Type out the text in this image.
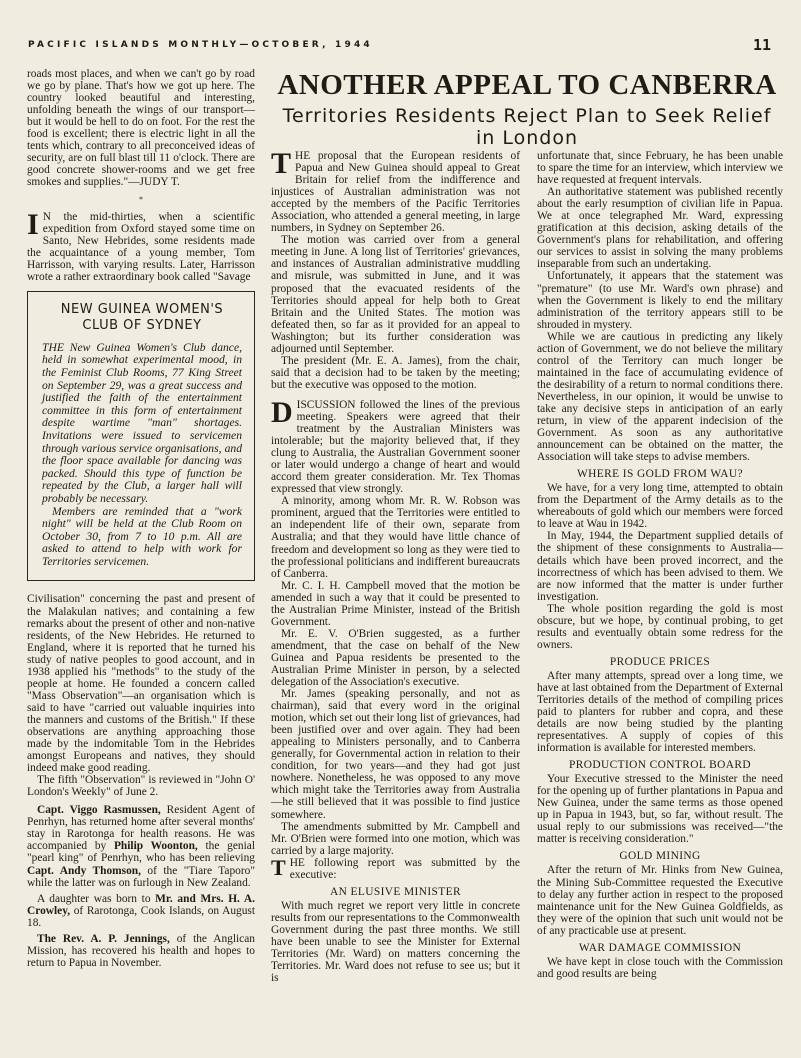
PACIFIC ISLANDS MONTHLY—OCTOBER, 1944	11

roads most places, and when we can't go by road we go by plane. That's how we got up here. The country looked beautiful and interesting, unfolding beneath the wings of our transport—but it would be hell to do on foot. For the rest the food is excellent; there is electric light in all the tents which, contrary to all preconceived ideas of security, are on full blast till 11 o'clock. There are good concrete shower-rooms and we get free smokes and supplies."—JUDY T.

*

I N the mid-thirties, when a scientific expedition from Oxford stayed some time on Santo, New Hebrides, some residents made the acquaintance of a young member, Tom Harrisson, with varying results. Later, Harrisson wrote a rather extraordinary book called "Savage

NEW GUINEA WOMEN'S CLUB OF SYDNEY

THE New Guinea Women's Club dance, held in somewhat experimental mood, in the Feminist Club Rooms, 77 King Street on September 29, was a great success and justified the faith of the entertainment committee in this form of entertainment despite wartime "man" shortages. Invitations were issued to servicemen through various service organisations, and the floor space available for dancing was packed. Should this type of function be repeated by the Club, a larger hall will probably be necessary.

Members are reminded that a "work night" will be held at the Club Room on October 30, from 7 to 10 p.m. All are asked to attend to help with work for Territories servicemen.

Civilisation" concerning the past and present of the Malakulan natives; and containing a few remarks about the present of other and non-native residents, of the New Hebrides. He returned to England, where it is reported that he turned his study of native peoples to good account, and in 1938 applied his "methods" to the study of the people at home. He founded a concern called "Mass Observation"—an organisation which is said to have "carried out valuable inquiries into the manners and customs of the British." If these observations are anything approaching those made by the indomitable Tom in the Hebrides amongst Europeans and natives, they should indeed make good reading.

The fifth "Observation" is reviewed in "John O' London's Weekly" of June 2.

Capt. Viggo Rasmussen, Resident Agent of Penrhyn, has returned home after several months' stay in Rarotonga for health reasons. He was accompanied by Philip Woonton, the genial "pearl king" of Penrhyn, who has been relieving Capt. Andy Thomson, of the "Tiare Taporo" while the latter was on furlough in New Zealand.

A daughter was born to Mr. and Mrs. H. A. Crowley, of Rarotonga, Cook Islands, on August 18.

The Rev. A. P. Jennings, of the Anglican Mission, has recovered his health and hopes to return to Papua in November.

ANOTHER APPEAL TO CANBERRA
Territories Residents Reject Plan to Seek Relief in London

THE proposal that the European residents of Papua and New Guinea should appeal to Great Britain for relief from the indifference and injustices of Australian administration was not accepted by the members of the Pacific Territories Association, who attended a general meeting, in large numbers, in Sydney on September 26.

The motion was carried over from a general meeting in June. A long list of Territories' grievances, and instances of Australian administrative muddling and misrule, was submitted in June, and it was proposed that the evacuated residents of the Territories should appeal for help both to Great Britain and the United States. The motion was defeated then, so far as it provided for an appeal to Washington; but its further consideration was adjourned until September.

The president (Mr. E. A. James), from the chair, said that a decision had to be taken by the meeting; but the executive was opposed to the motion.

DISCUSSION followed the lines of the previous meeting. Speakers were agreed that their treatment by the Australian Ministers was intolerable; but the majority believed that, if they clung to Australia, the Australian Government sooner or later would undergo a change of heart and would accord them greater consideration. Mr. Tex Thomas expressed that view strongly.

A minority, among whom Mr. R. W. Robson was prominent, argued that the Territories were entitled to an independent life of their own, separate from Australia; and that they would have little chance of freedom and development so long as they were tied to the professional politicians and indifferent bureaucrats of Canberra.

Mr. C. I. H. Campbell moved that the motion be amended in such a way that it could be presented to the Australian Prime Minister, instead of the British Government.

Mr. E. V. O'Brien suggested, as a further amendment, that the case on behalf of the New Guinea and Papua residents be presented to the Australian Prime Minister in person, by a selected delegation of the Association's executive.

Mr. James (speaking personally, and not as chairman), said that every word in the original motion, which set out their long list of grievances, had been justified over and over again. They had been appealing to Ministers personally, and to Canberra generally, for Governmental action in relation to their condition, for two years—and they had got just nowhere. Nonetheless, he was opposed to any move which might take the Territories away from Australia—he still believed that it was possible to find justice somewhere.

The amendments submitted by Mr. Campbell and Mr. O'Brien were formed into one motion, which was carried by a large majority.

THE following report was submitted by the executive:

AN ELUSIVE MINISTER

With much regret we report very little in concrete results from our representations to the Commonwealth Government during the past three months. We still have been unable to see the Minister for External Territories (Mr. Ward) on matters concerning the Territories. Mr. Ward does not refuse to see us; but it is

unfortunate that, since February, he has been unable to spare the time for an interview, which interview we have requested at frequent intervals.

An authoritative statement was published recently about the early resumption of civilian life in Papua. We at once telegraphed Mr. Ward, expressing gratification at this decision, asking details of the Government's plans for rehabilitation, and offering our services to assist in solving the many problems inseparable from such an undertaking.

Unfortunately, it appears that the statement was "premature" (to use Mr. Ward's own phrase) and when the Government is likely to end the military administration of the territory appears still to be shrouded in mystery.

While we are cautious in predicting any likely action of Government, we do not believe the military control of the Territory can much longer be maintained in the face of accumulating evidence of the desirability of a return to normal conditions there. Nevertheless, in our opinion, it would be unwise to take any decisive steps in anticipation of an early return, in view of the apparent indecision of the Government. As soon as any authoritative announcement can be obtained on the matter, the Association will take steps to advise members.

WHERE IS GOLD FROM WAU?

We have, for a very long time, attempted to obtain from the Department of the Army details as to the whereabouts of gold which our members were forced to leave at Wau in 1942.

In May, 1944, the Department supplied details of the shipment of these consignments to Australia—details which have been proved incorrect, and the incorrectness of which has been advised to them. We are now informed that the matter is under further investigation.

The whole position regarding the gold is most obscure, but we hope, by continual probing, to get results and eventually obtain some redress for the owners.

PRODUCE PRICES

After many attempts, spread over a long time, we have at last obtained from the Department of External Territories details of the method of compiling prices paid to planters for rubber and copra, and these details are now being studied by the planting representatives. A supply of copies of this information is available for interested members.

PRODUCTION CONTROL BOARD

Your Executive stressed to the Minister the need for the opening up of further plantations in Papua and New Guinea, under the same terms as those opened up in Papua in 1943, but, so far, without result. The usual reply to our submissions was received—"the matter is receiving consideration."

GOLD MINING

After the return of Mr. Hinks from New Guinea, the Mining Sub-Committee requested the Executive to delay any further action in respect to the proposed maintenance unit for the New Guinea Goldfields, as they were of the opinion that such unit would not be of any practicable use at present.

WAR DAMAGE COMMISSION

We have kept in close touch with the Commission and good results are being
